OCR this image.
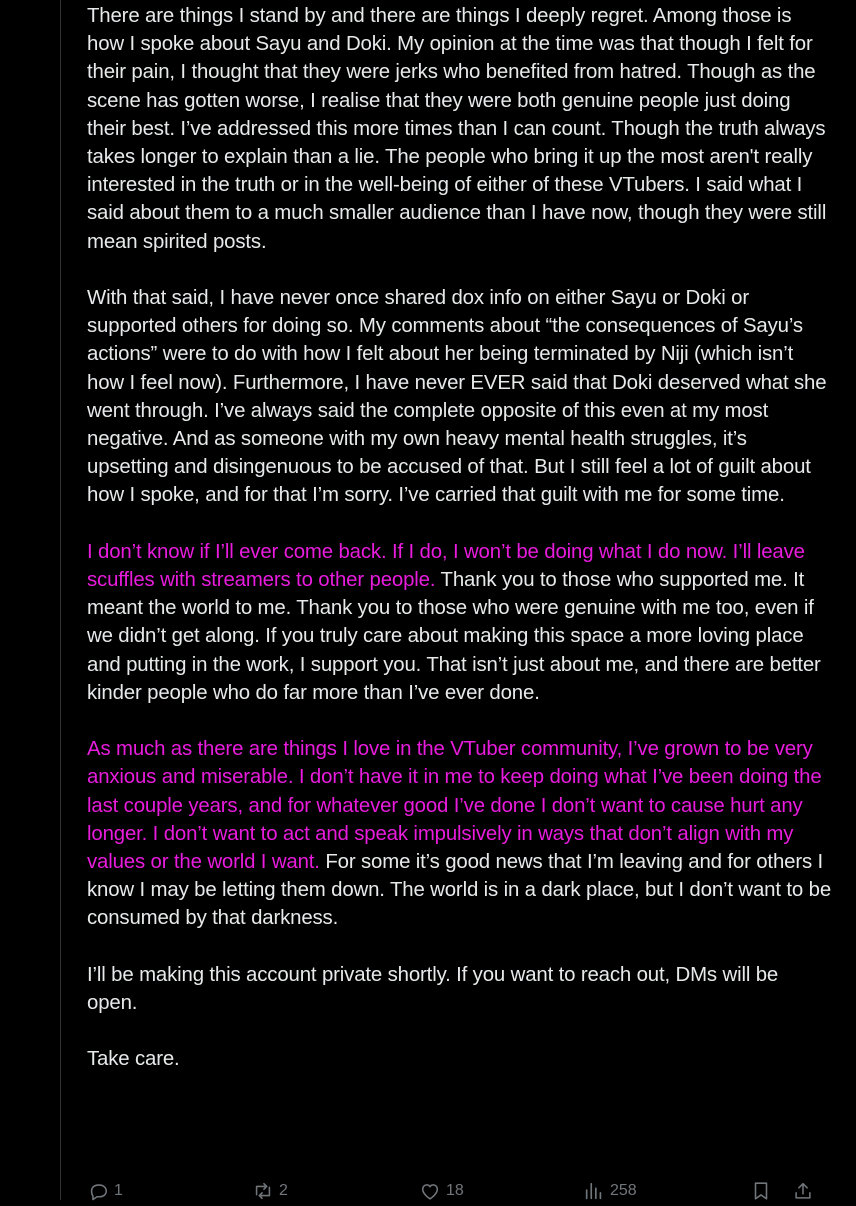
There are things I stand by and there are things I deeply regret. Among those is how I spoke about Sayu and Doki. My opinion at the time was that though I felt for their pain, I thought that they were jerks who benefited from hatred. Though as the scene has gotten worse, I realise that they were both genuine people just doing their best. I’ve addressed this more times than I can count. Though the truth always takes longer to explain than a lie. The people who bring it up the most aren't really interested in the truth or in the well-being of either of these VTubers. I said what I said about them to a much smaller audience than I have now, though they were still mean spirited posts.

With that said, I have never once shared dox info on either Sayu or Doki or supported others for doing so. My comments about “the consequences of Sayu’s actions” were to do with how I felt about her being terminated by Niji (which isn’t how I feel now). Furthermore, I have never EVER said that Doki deserved what she went through. I’ve always said the complete opposite of this even at my most negative. And as someone with my own heavy mental health struggles, it’s upsetting and disingenuous to be accused of that. But I still feel a lot of guilt about how I spoke, and for that I’m sorry. I’ve carried that guilt with me for some time.

I don’t know if I’ll ever come back. If I do, I won’t be doing what I do now. I’ll leave scuffles with streamers to other people. Thank you to those who supported me. It meant the world to me. Thank you to those who were genuine with me too, even if we didn’t get along. If you truly care about making this space a more loving place and putting in the work, I support you. That isn’t just about me, and there are better kinder people who do far more than I’ve ever done.

As much as there are things I love in the VTuber community, I’ve grown to be very anxious and miserable. I don’t have it in me to keep doing what I’ve been doing the last couple years, and for whatever good I’ve done I don’t want to cause hurt any longer. I don’t want to act and speak impulsively in ways that don’t align with my values or the world I want. For some it’s good news that I’m leaving and for others I know I may be letting them down. The world is in a dark place, but I don’t want to be consumed by that darkness.

I’ll be making this account private shortly. If you want to reach out, DMs will be open.

Take care.

1	2	18	258
